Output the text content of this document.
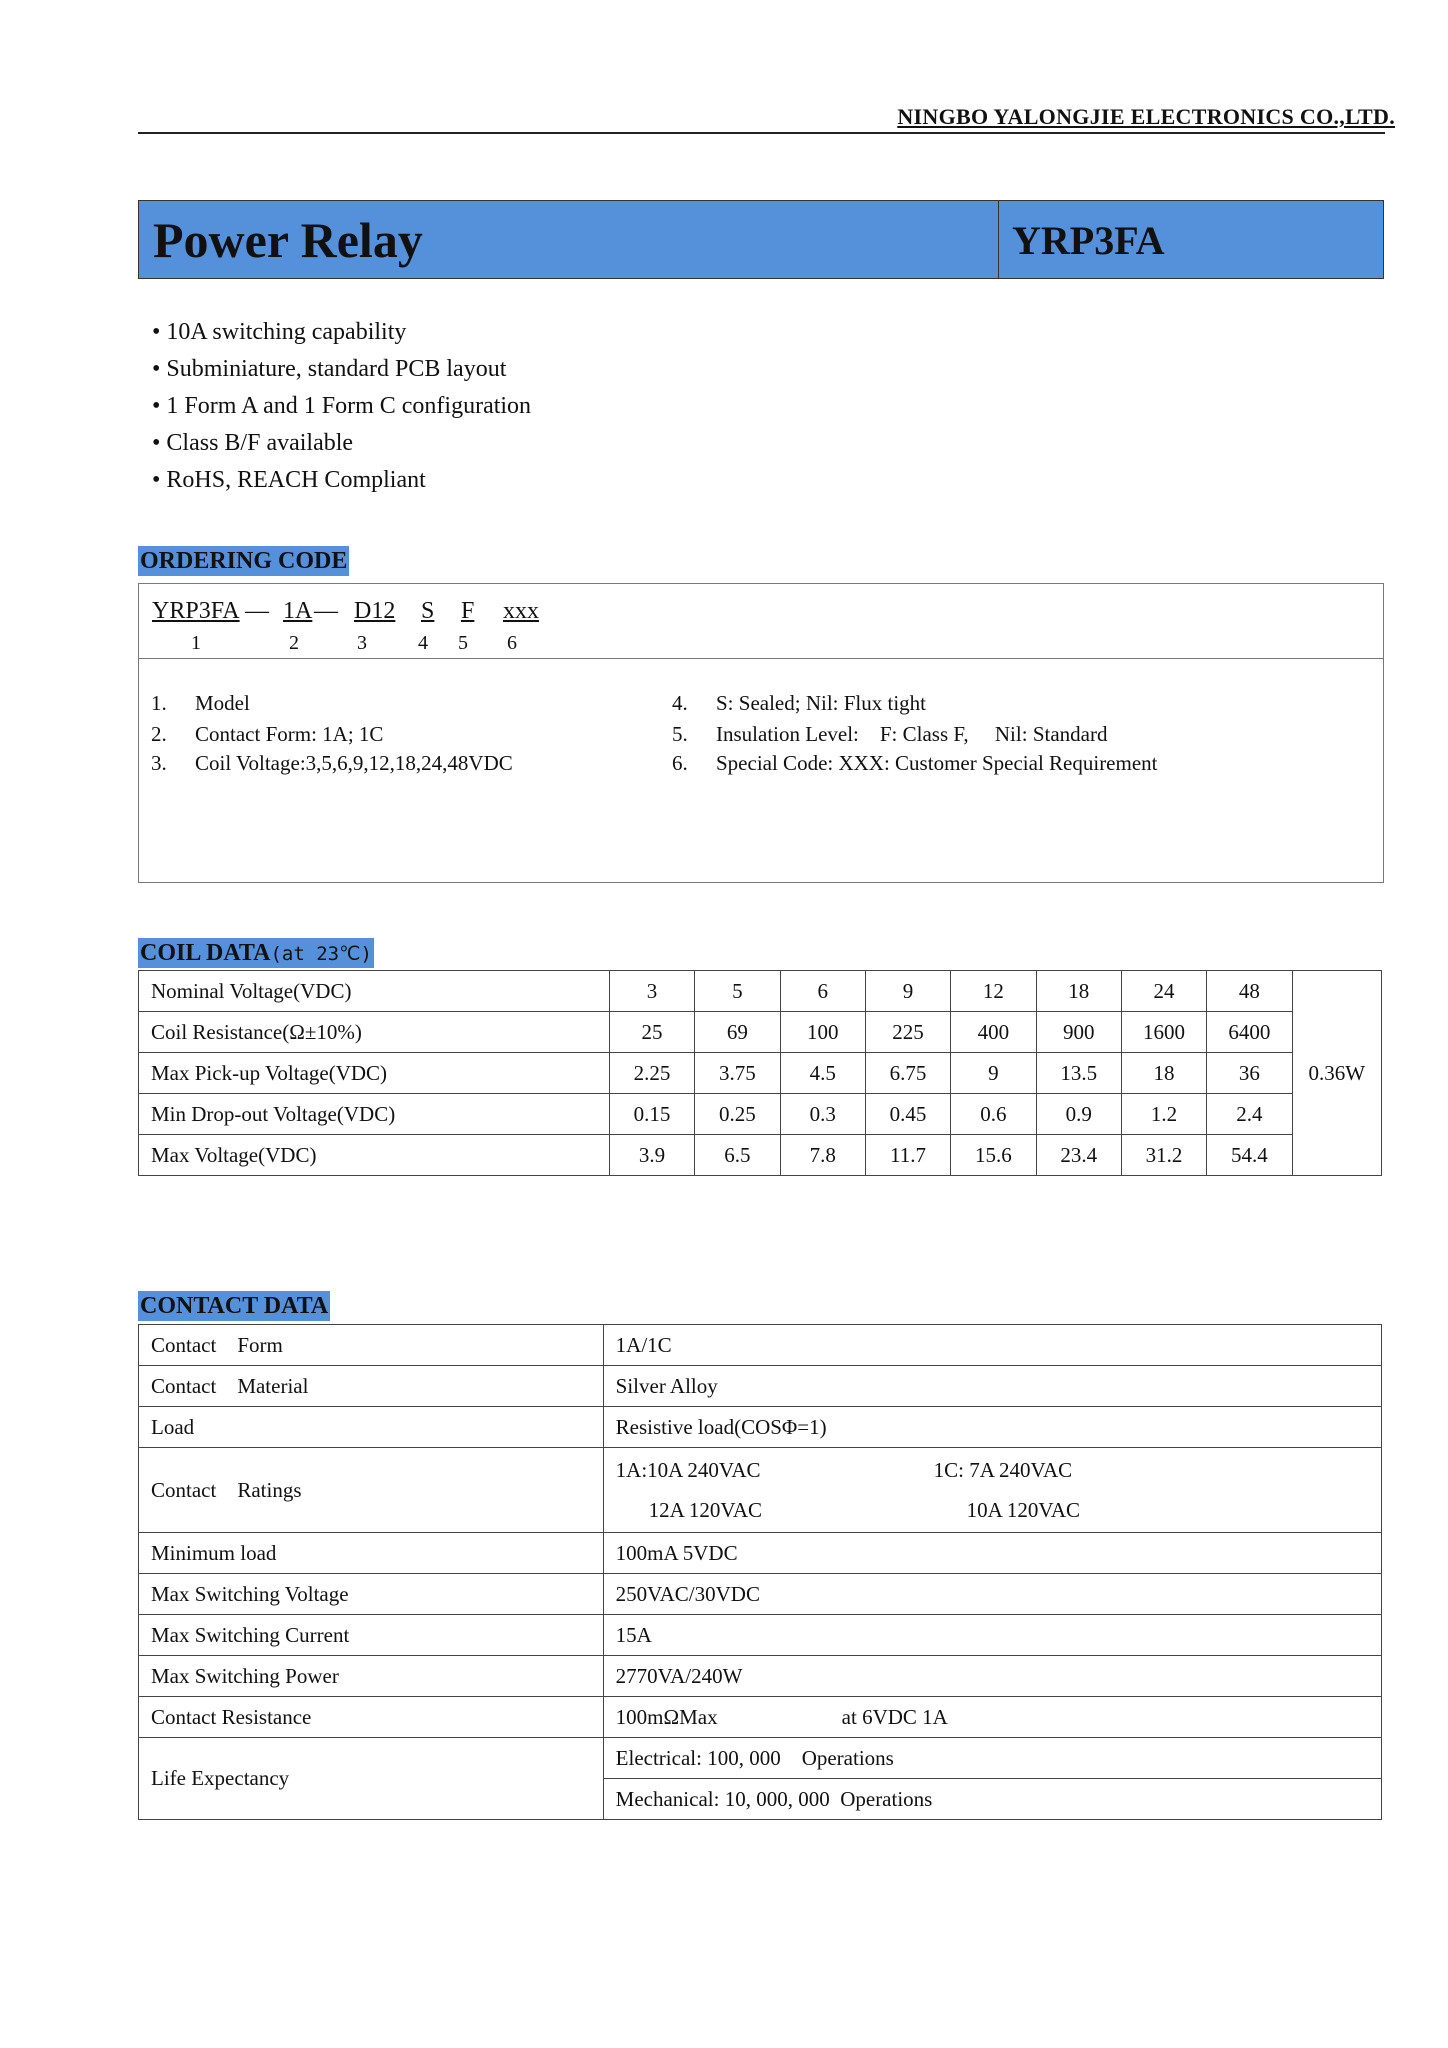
NINGBO YALONGJIE ELECTRONICS CO.,LTD.
Power Relay	YRP3FA
• 10A switching capability
• Subminiature, standard PCB layout
• 1 Form A and 1 Form C configuration
• Class B/F available
• RoHS, REACH Compliant
ORDERING CODE
YRP3FA — 1A — D12 S F xxx
1	2	3	4 5 6
1. Model
2. Contact Form: 1A; 1C
3. Coil Voltage:3,5,6,9,12,18,24,48VDC
4. S: Sealed; Nil: Flux tight
5. Insulation Level:    F: Class F,     Nil: Standard
6. Special Code: XXX: Customer Special Requirement
COIL DATA(at 23℃)
Nominal Voltage(VDC)	3	5	6	9	12	18	24	48	0.36W
Coil Resistance(Ω±10%)	25	69	100	225	400	900	1600	6400	
Max Pick-up Voltage(VDC)	2.25	3.75	4.5	6.75	9	13.5	18	36	
Min Drop-out Voltage(VDC)	0.15	0.25	0.3	0.45	0.6	0.9	1.2	2.4	
Max Voltage(VDC)	3.9	6.5	7.8	11.7	15.6	23.4	31.2	54.4	
CONTACT DATA
Contact    Form	1A/1C
Contact    Material	Silver Alloy
Load	Resistive load(COSΦ=1)
Contact    Ratings	1A:10A 240VAC 1C: 7A 240VAC
12A 120VAC 10A 120VAC

Minimum load	100mA 5VDC
Max Switching Voltage	250VAC/30VDC
Max Switching Current	15A
Max Switching Power	2770VA/240W
Contact Resistance	100mΩMax at 6VDC 1A

Life Expectancy	Electrical: 100, 000    Operations
	Mechanical: 10, 000, 000  Operations
